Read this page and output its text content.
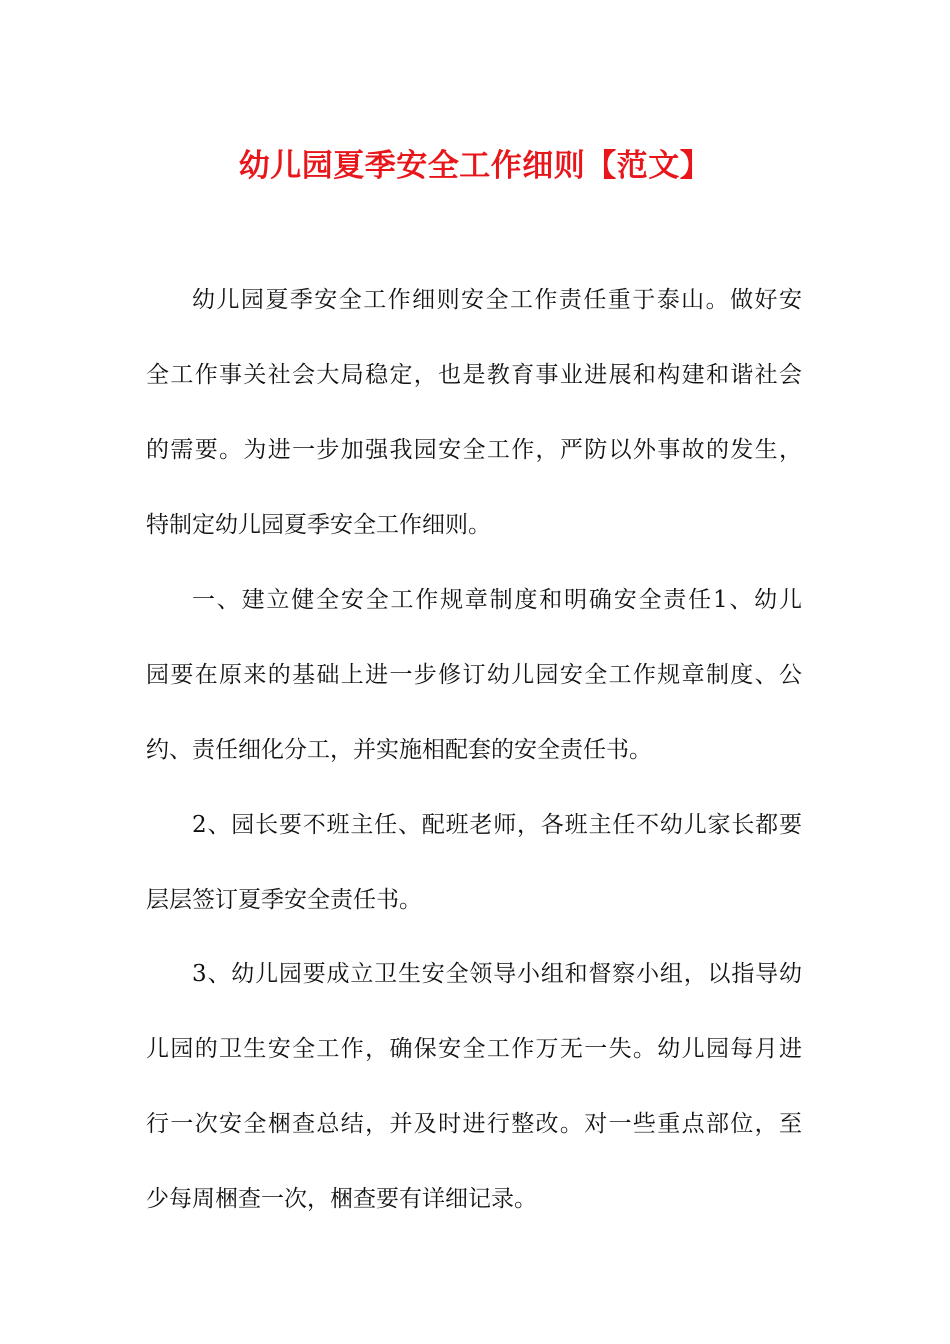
幼儿园夏季安全工作细则【范文】

幼儿园夏季安全工作细则安全工作责任重于泰山。做好安

全工作事关社会大局稳定，也是教育事业进展和构建和谐社会

的需要。为进一步加强我园安全工作，严防以外事故的发生，

特制定幼儿园夏季安全工作细则。

一、建立健全安全工作规章制度和明确安全责任1、幼儿

园要在原来的基础上进一步修订幼儿园安全工作规章制度、公

约、责任细化分工，并实施相配套的安全责任书。

2、园长要不班主任、配班老师，各班主任不幼儿家长都要

层层签订夏季安全责任书。

3、幼儿园要成立卫生安全领导小组和督察小组，以指导幼

儿园的卫生安全工作，确保安全工作万无一失。幼儿园每月进

行一次安全梱查总结，并及时进行整改。对一些重点部位，至

少每周梱查一次，梱查要有详细记录。
